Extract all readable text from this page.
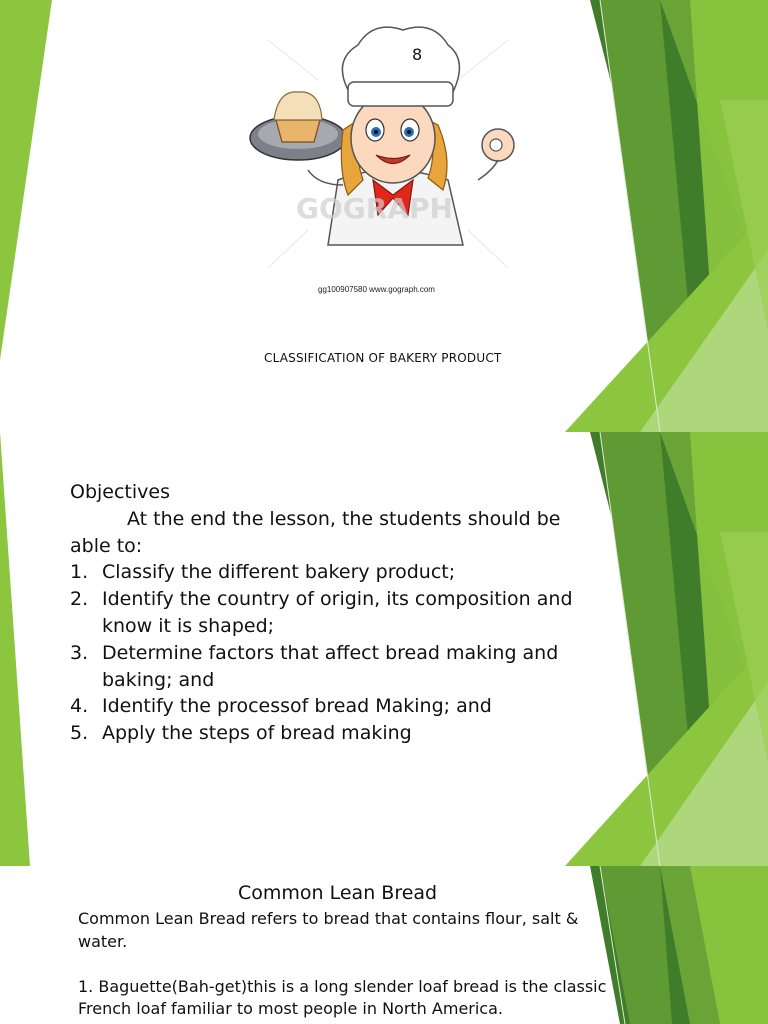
8
GOGRAPH
gg100907580 www.gograph.com
CLASSIFICATION OF BAKERY PRODUCT
Objectives
At the end the lesson, the students should be able to:
1. Classify the different bakery product;
2. Identify the country of origin, its composition and know it is shaped;
3. Determine factors that affect bread making and baking; and
4. Identify the processof bread Making; and
5. Apply the steps of bread making
Common Lean Bread

Common Lean Bread refers to bread that contains flour, salt & water.

1. Baguette(Bah-get)this is a long slender loaf bread is the classic French loaf familiar to most people in North America.
